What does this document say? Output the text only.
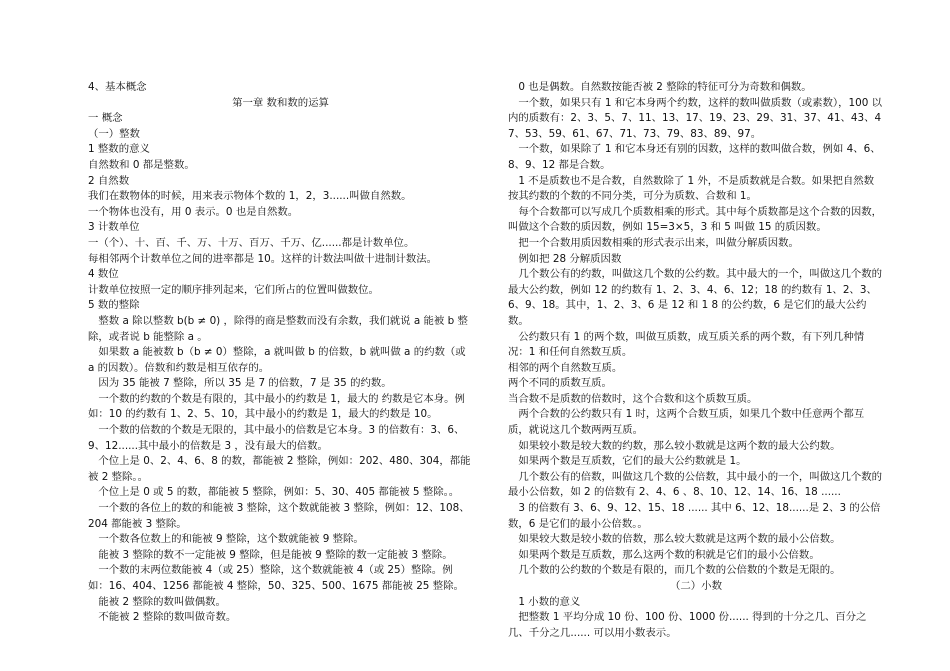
4、基本概念

第一章 数和数的运算

一 概念

（一）整数

1 整数的意义

自然数和 0 都是整数。

2 自然数

我们在数物体的时候，用来表示物体个数的 1，2，3......叫做自然数。

一个物体也没有，用 0 表示。0 也是自然数。

3 计数单位

一（个）、十、百、千、万、十万、百万、千万、亿......都是计数单位。

每相邻两个计数单位之间的进率都是 10。这样的计数法叫做十进制计数法。

4 数位

计数单位按照一定的顺序排列起来，它们所占的位置叫做数位。

5 数的整除

整数 a 除以整数 b(b ≠ 0) ，除得的商是整数而没有余数，我们就说 a 能被 b 整除，或者说 b 能整除 a 。

如果数 a 能被数 b（b ≠ 0）整除，a 就叫做 b 的倍数，b 就叫做 a 的约数（或 a 的因数）。倍数和约数是相互依存的。

因为 35 能被 7 整除，所以 35 是 7 的倍数，7 是 35 的约数。

一个数的约数的个数是有限的，其中最小的约数是 1，最大的 约数是它本身。例如：10 的约数有 1、2、5、10，其中最小的约数是 1，最大的约数是 10。

一个数的倍数的个数是无限的，其中最小的倍数是它本身。3 的倍数有：3、6、9、12......其中最小的倍数是 3 ，没有最大的倍数。

个位上是 0、2、4、6、8 的数，都能被 2 整除，例如：202、480、304，都能被 2 整除。。

个位上是 0 或 5 的数，都能被 5 整除，例如：5、30、405 都能被 5 整除。。

一个数的各位上的数的和能被 3 整除，这个数就能被 3 整除，例如：12、108、204 都能被 3 整除。

一个数各位数上的和能被 9 整除，这个数就能被 9 整除。

能被 3 整除的数不一定能被 9 整除，但是能被 9 整除的数一定能被 3 整除。

一个数的末两位数能被 4（或 25）整除，这个数就能被 4（或 25）整除。例如：16、404、1256 都能被 4 整除，50、325、500、1675 都能被 25 整除。

能被 2 整除的数叫做偶数。

不能被 2 整除的数叫做奇数。

0 也是偶数。自然数按能否被 2 整除的特征可分为奇数和偶数。

一个数，如果只有 1 和它本身两个约数，这样的数叫做质数（或素数），100 以内的质数有：2、3、5、7、11、13、17、19、23、29、31、37、41、43、47、53、59、61、67、71、73、79、83、89、97。

一个数，如果除了 1 和它本身还有别的因数，这样的数叫做合数，例如 4、6、8、9、12 都是合数。

1 不是质数也不是合数，自然数除了 1 外，不是质数就是合数。如果把自然数按其约数的个数的不同分类，可分为质数、合数和 1。

每个合数都可以写成几个质数相乘的形式。其中每个质数都是这个合数的因数，叫做这个合数的质因数，例如 15=3×5，3 和 5 叫做 15 的质因数。

把一个合数用质因数相乘的形式表示出来，叫做分解质因数。

例如把 28 分解质因数

几个数公有的约数，叫做这几个数的公约数。其中最大的一个，叫做这几个数的最大公约数，例如 12 的约数有 1、2、3、4、6、12；18 的约数有 1、2、3、6、9、18。其中，1、2、3、6 是 12 和 1 8 的公约数，6 是它们的最大公约数。

公约数只有 1 的两个数，叫做互质数，成互质关系的两个数，有下列几种情况：1 和任何自然数互质。

相邻的两个自然数互质。

两个不同的质数互质。

当合数不是质数的倍数时，这个合数和这个质数互质。

两个合数的公约数只有 1 时，这两个合数互质，如果几个数中任意两个都互质，就说这几个数两两互质。

如果较小数是较大数的约数，那么较小数就是这两个数的最大公约数。

如果两个数是互质数，它们的最大公约数就是 1。

几个数公有的倍数，叫做这几个数的公倍数，其中最小的一个，叫做这几个数的最小公倍数，如 2 的倍数有 2、4、6 、8、10、12、14、16、18 ......

3 的倍数有 3、6、9、12、15、18 ...... 其中 6、12、18......是 2、3 的公倍数，6 是它们的最小公倍数。。

如果较大数是较小数的倍数，那么较大数就是这两个数的最小公倍数。

如果两个数是互质数，那么这两个数的积就是它们的最小公倍数。

几个数的公约数的个数是有限的，而几个数的公倍数的个数是无限的。

（二）小数

1 小数的意义

把整数 1 平均分成 10 份、100 份、1000 份...... 得到的十分之几、百分之几、千分之几...... 可以用小数表示。
